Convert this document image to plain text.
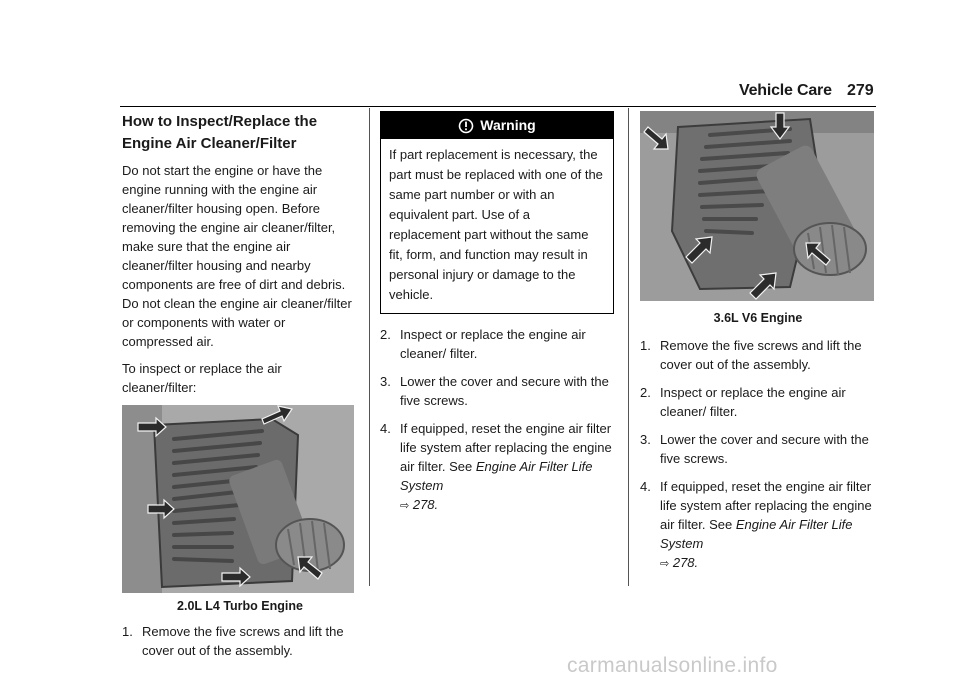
Vehicle Care 279
How to Inspect/Replace the Engine Air Cleaner/Filter

Do not start the engine or have the engine running with the engine air cleaner/filter housing open. Before removing the engine air cleaner/filter, make sure that the engine air cleaner/filter housing and nearby components are free of dirt and debris. Do not clean the engine air cleaner/filter or components with water or compressed air.

To inspect or replace the air cleaner/filter:

2.0L L4 Turbo Engine
1. Remove the five screws and lift the cover out of the assembly.
Warning
If part replacement is necessary, the part must be replaced with one of the same part number or with an equivalent part. Use of a replacement part without the same fit, form, and function may result in personal injury or damage to the vehicle.
2. Inspect or replace the engine air cleaner/ filter.
3. Lower the cover and secure with the five screws.
4. If equipped, reset the engine air filter life system after replacing the engine air filter. See Engine Air Filter Life System
⇨ 278.
3.6L V6 Engine
1. Remove the five screws and lift the cover out of the assembly.
2. Inspect or replace the engine air cleaner/ filter.
3. Lower the cover and secure with the five screws.
4. If equipped, reset the engine air filter life system after replacing the engine air filter. See Engine Air Filter Life System
⇨ 278.
carmanualsonline.info
